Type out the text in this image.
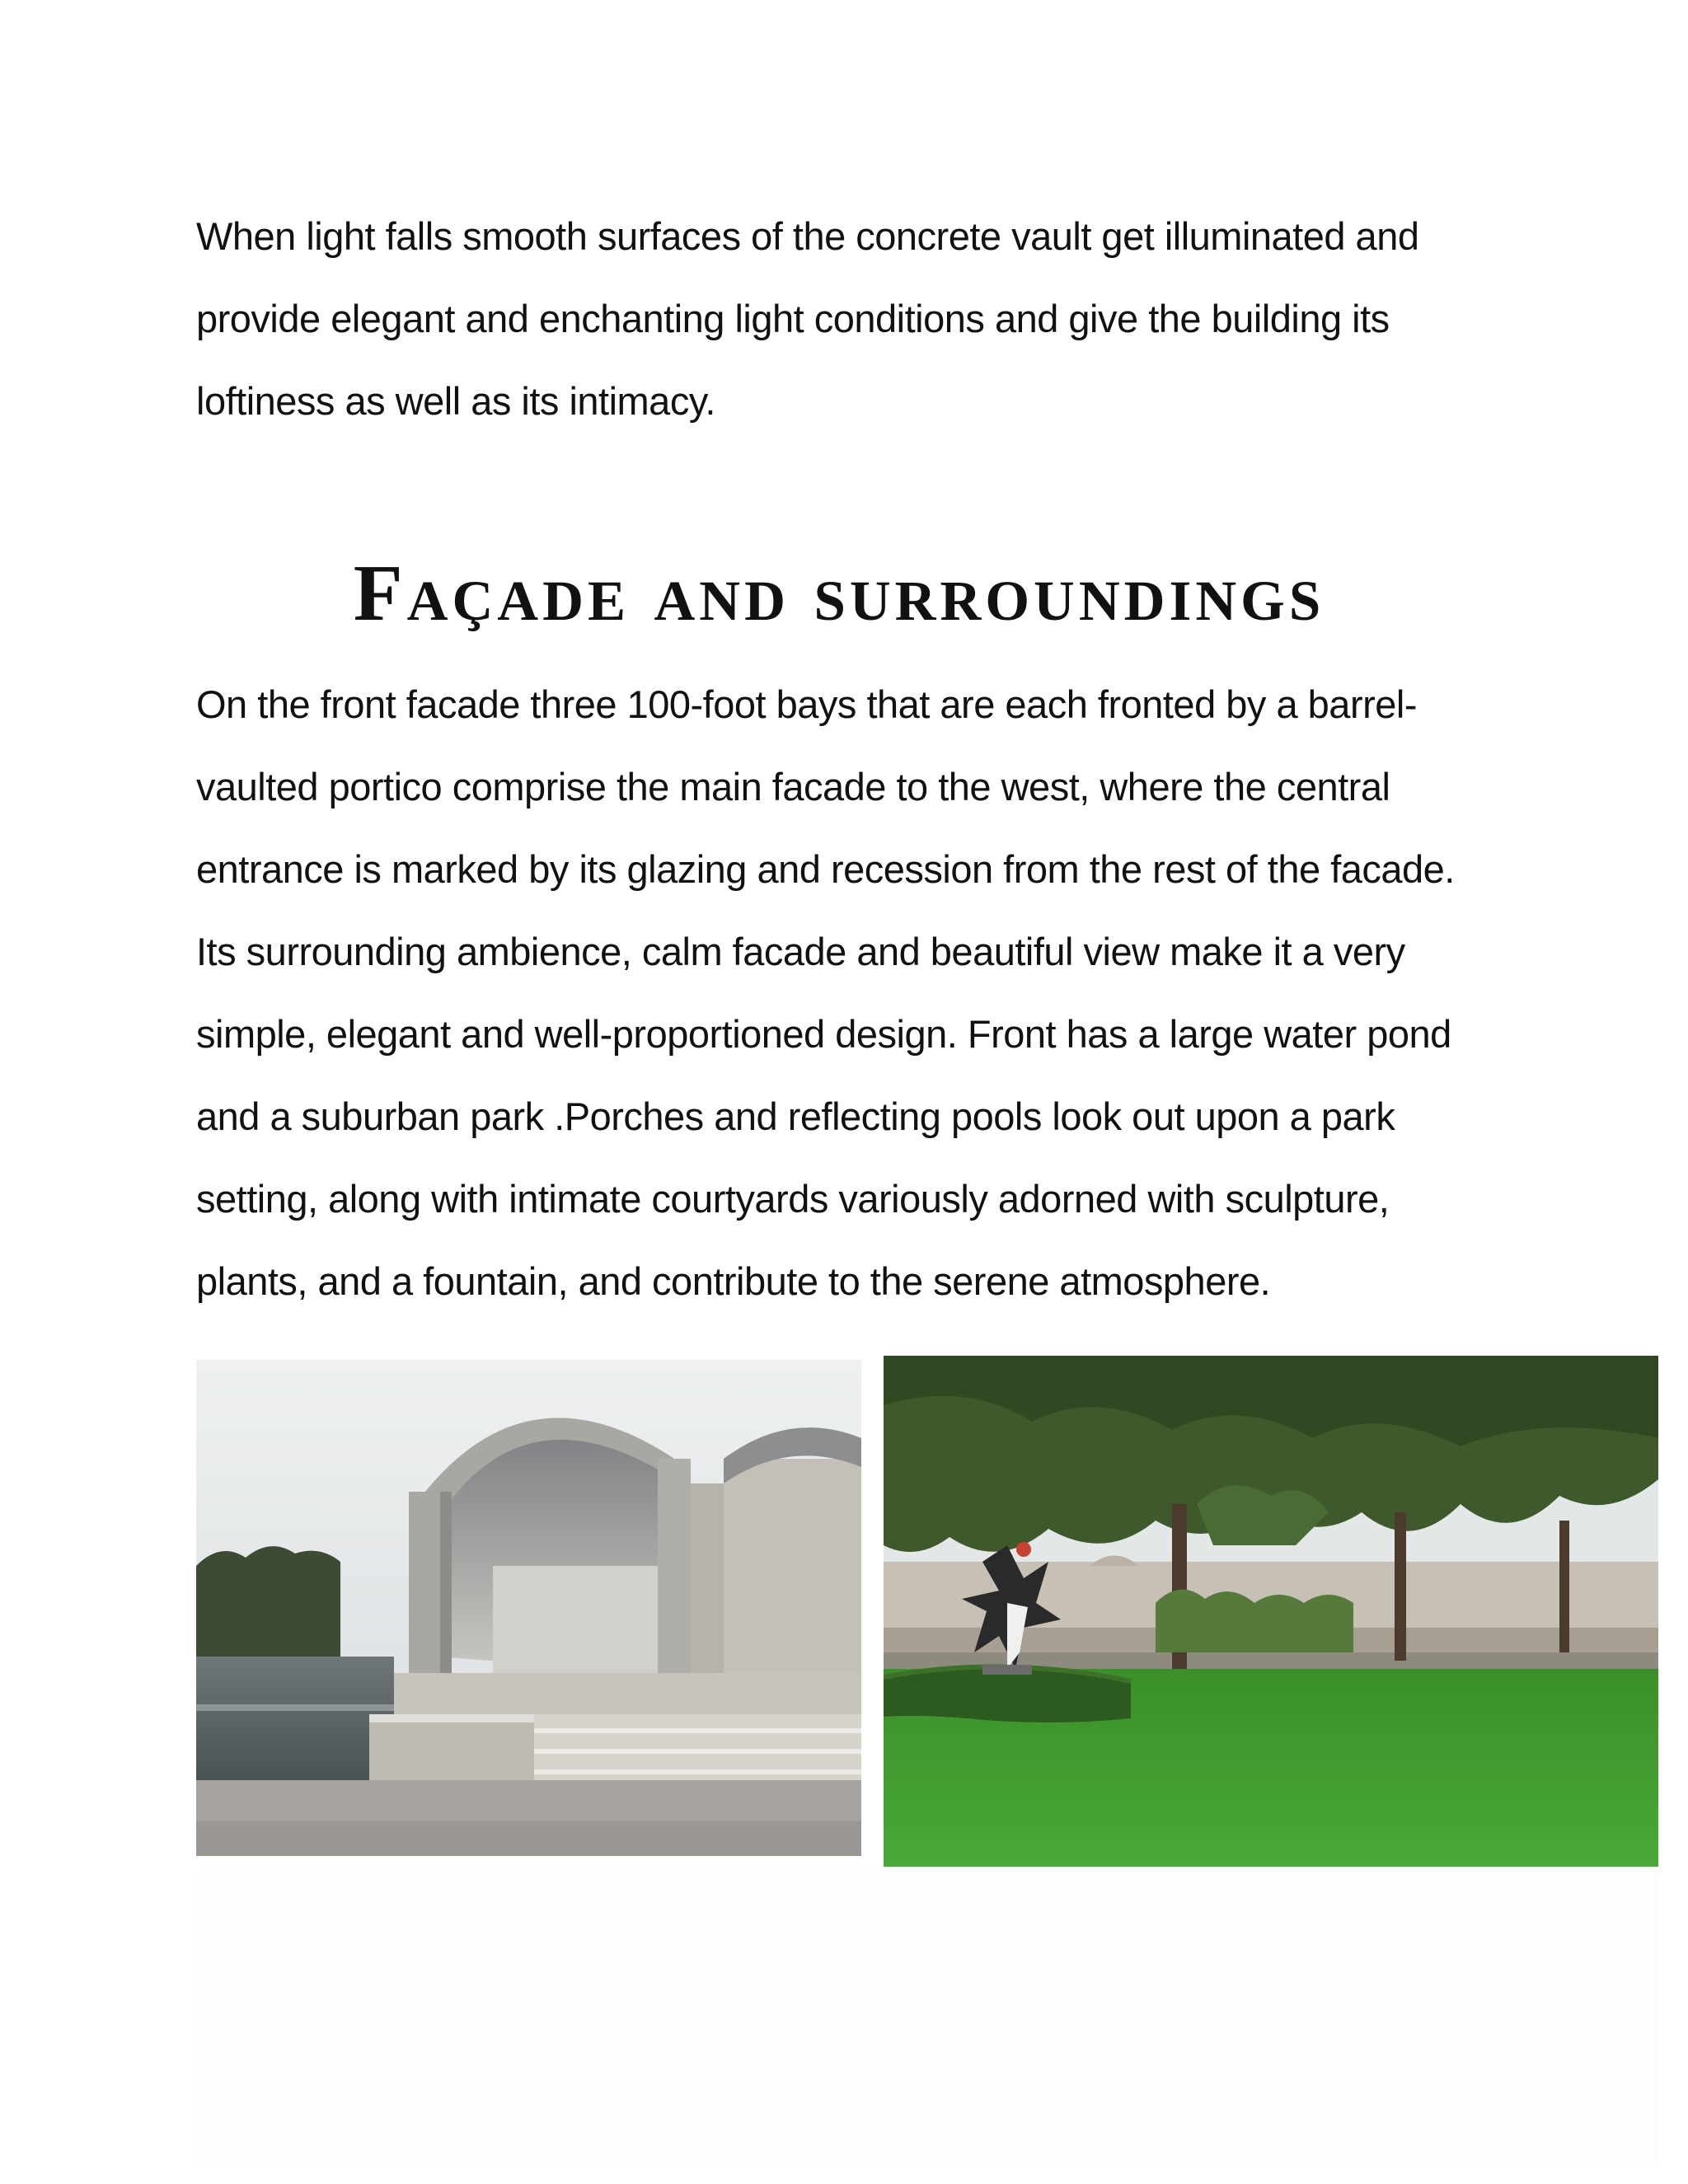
When light falls smooth surfaces of the concrete vault get illuminated and
provide elegant and enchanting light conditions and give the building its
loftiness as well as its intimacy.

Façade and surroundings

On the front facade three 100-foot bays that are each fronted by a barrel-
vaulted portico comprise the main facade to the west, where the central
entrance is marked by its glazing and recession from the rest of the facade.
Its surrounding ambience, calm facade and beautiful view make it a very
simple, elegant and well-proportioned design. Front has a large water pond
and a suburban park .Porches and reflecting pools look out upon a park
setting, along with intimate courtyards variously adorned with sculpture,
plants, and a fountain, and contribute to the serene atmosphere.
